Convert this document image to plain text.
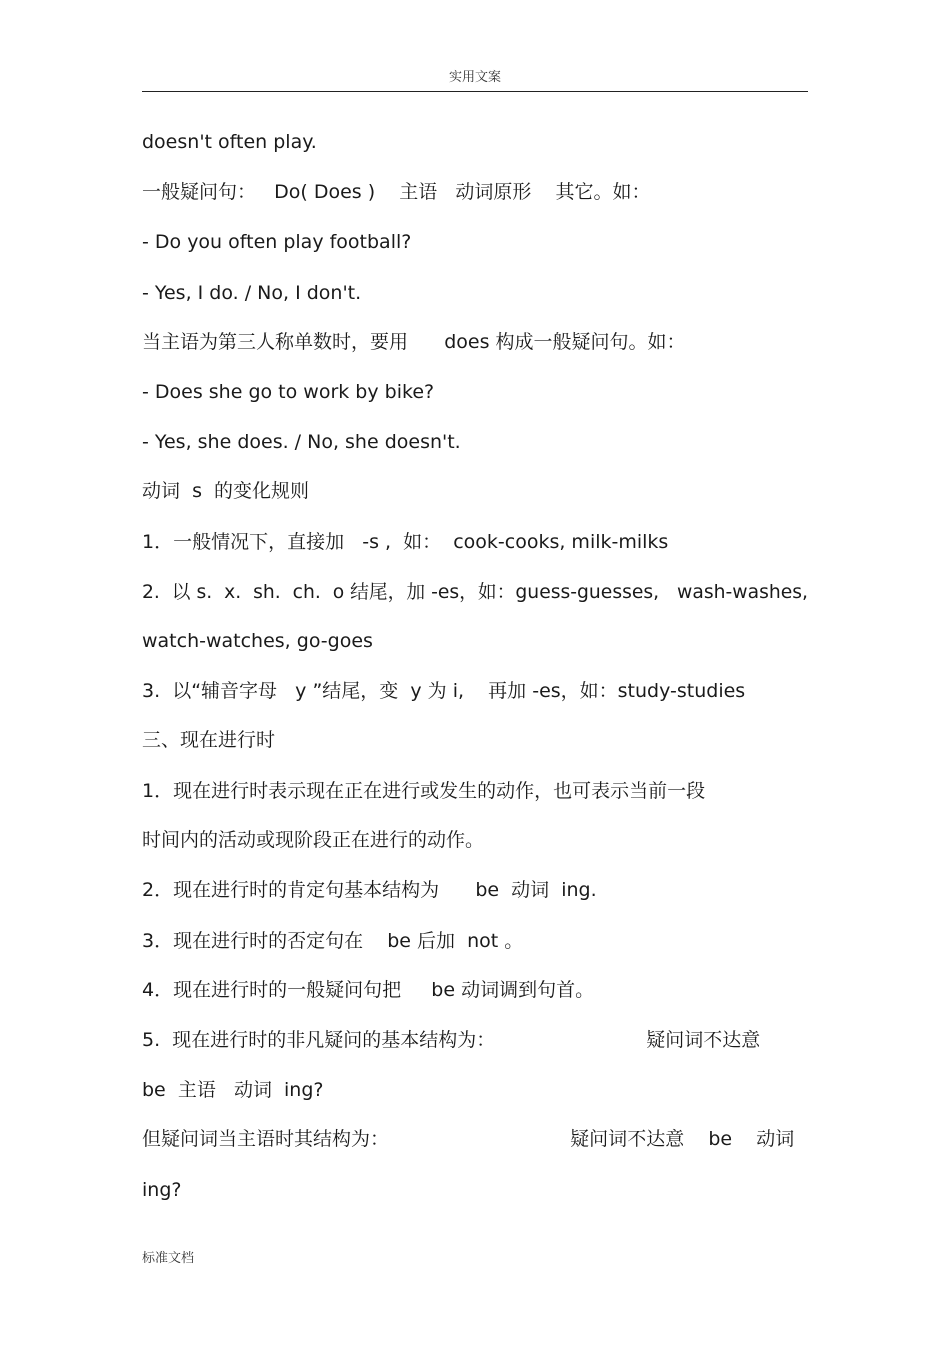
实用文案
doesn't often play.
一般疑问句：   Do( Does )    主语   动词原形    其它。如：
- Do you often play football?
- Yes, I do. / No, I don't.
当主语为第三人称单数时，要用      does 构成一般疑问句。如：
- Does she go to work by bike?
- Yes, she does. / No, she doesn't.
动词  s  的变化规则
1．一般情况下，直接加   -s ,  如：  cook-cooks, milk-milks
2.  以 s.  x.  sh.  ch.  o 结尾，加 -es，如：guess-guesses,   wash-washes,
watch-watches, go-goes
3.  以“辅音字母   y ”结尾，变  y 为 i,    再加 -es，如：study-studies
三、现在进行时
1．现在进行时表示现在正在进行或发生的动作，也可表示当前一段
时间内的活动或现阶段正在进行的动作。
2．现在进行时的肯定句基本结构为      be  动词  ing.
3．现在进行时的否定句在    be 后加  not 。
4．现在进行时的一般疑问句把     be 动词调到句首。
5.  现在进行时的非凡疑问的基本结构为：                         疑问词不达意
be  主语   动词  ing?
但疑问词当主语时其结构为：                              疑问词不达意    be    动词
ing?
标准文档
